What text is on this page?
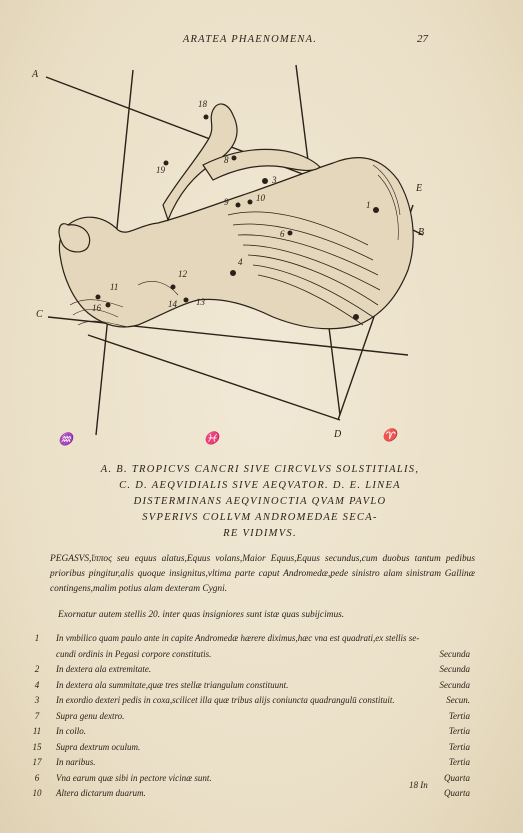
ARATEA PHAENOMENA.	27
18
19
8
3
9	10
1
6
4
11
12
14 13
16
A
B
C
D
E
♒	♓	♈
A. B. TROPICVS CANCRI SIVE CIRCVLVS SOLSTITIALIS,
C. D. AEQVIDIALIS SIVE AEQVATOR. D. E. LINEA
DISTERMINANS AEQVINOCTIA QVAM PAVLO
SVPERIVS COLLVM ANDROMEDAE SECA-
RE VIDIMVS.
PEGASVS,ἵππος seu equus alatus,Equus volans,Maior Equus,Equus secundus,cum duobus tantum pedibus prioribus pingitur,alis quoque insignitus,vltima parte caput Andromedæ,pede sinistro alam sinistram Gallinæ contingens,malim potius alam dexteram Cygni.
Exornatur autem stellis 20. inter quas insigniores sunt istæ quas subijcimus.
1	In vmbilico quam paulo ante in capite Andromedæ hærere diximus,hæc vna est quadrati,ex stellis se-
cundi ordinis in Pegasi corpore constitutis.	Secunda
2	In dextera ala extremitate.	Secunda
4	In dextera ala summitate,quæ tres stellæ triangulum constituunt.	Secunda
3	In exordio dexteri pedis in coxa,scilicet illa quæ tribus alijs coniuncta quadrangulū constituit.	Secun.
7	Supra genu dextro.	Tertia
11	In collo.	Tertia
15 Supra dextrum oculum.	Tertia
17 In naribus.	Tertia
6	Vna earum quæ sibi in pectore vicinæ sunt.	Quarta
10 Altera dictarum duarum.	Quarta
18 In
